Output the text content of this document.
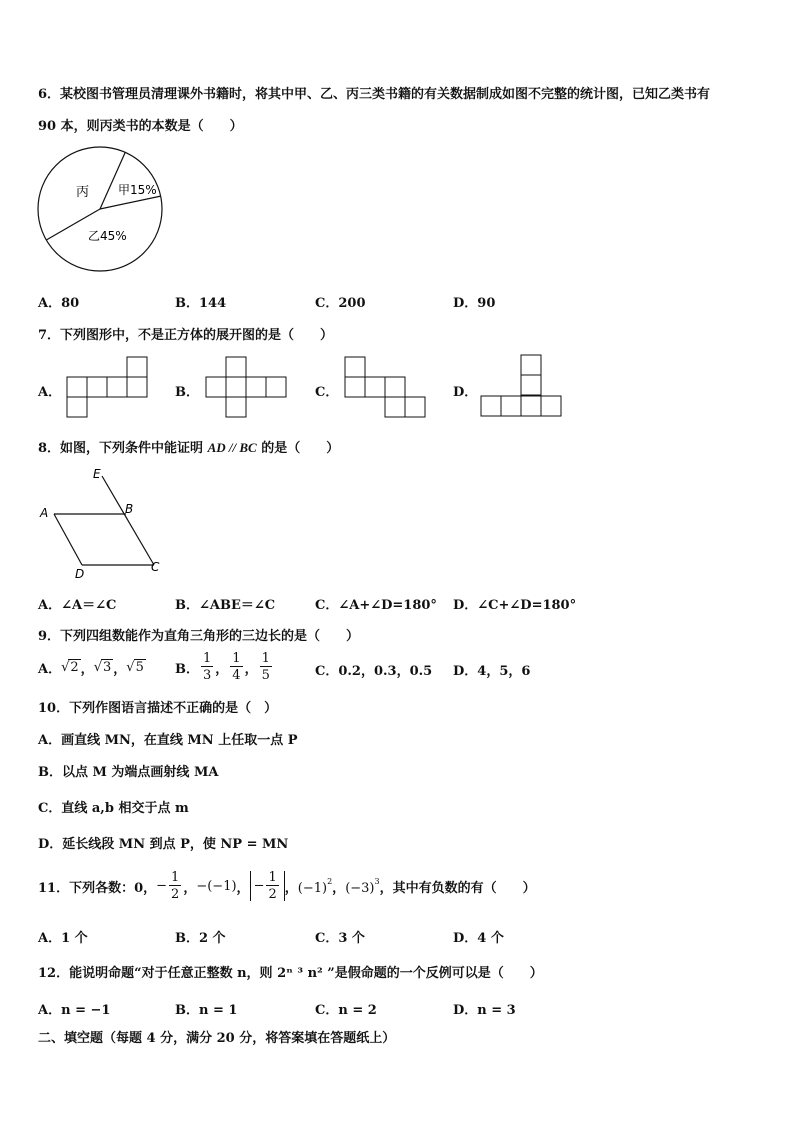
6．某校图书管理员清理课外书籍时，将其中甲、乙、丙三类书籍的有关数据制成如图不完整的统计图，已知乙类书有
90 本，则丙类书的本数是（　　）
丙 甲15%
乙45%
A．80	B．144	C．200	D．90
7．下列图形中，不是正方体的展开图的是（　　）
A．	B．	C．	D．
8．如图，下列条件中能证明 AD // BC 的是（　　）
E
A	B
C
D
A．∠A＝∠C	B．∠ABE＝∠C	C．∠A+∠D=180° D．∠C+∠D=180°
9．下列四组数能作为直角三角形的三边长的是（　　）
A． √2 ， √3 ， √5 B． $\frac{1}{3}$ ， $\frac{1}{4}$ ， $\frac{1}{5}$	C．0.2，0.3，0.5 D．4，5，6
10．下列作图语言描述不正确的是（　）
A．画直线 MN，在直线 MN 上任取一点 P
B．以点 M 为端点画射线 MA
C．直线 a,b 相交于点 m
D．延长线段 MN 到点 P，使 NP = MN
11．下列各数：0， − $\frac{1}{2}$ ， −(−1) ， − $\frac{1}{2}$ ， $(-1)^2$ ， $(-3)^3$ ，其中有负数的有（　　）
A．1 个	B．2 个	C．3 个	D．4 个
12．能说明命题“对于任意正整数 n，则 2ⁿ ³ n² ”是假命题的一个反例可以是（　　）
A．n = −1	B．n = 1	C．n = 2	D．n = 3
二、填空题（每题 4 分，满分 20 分，将答案填在答题纸上）
